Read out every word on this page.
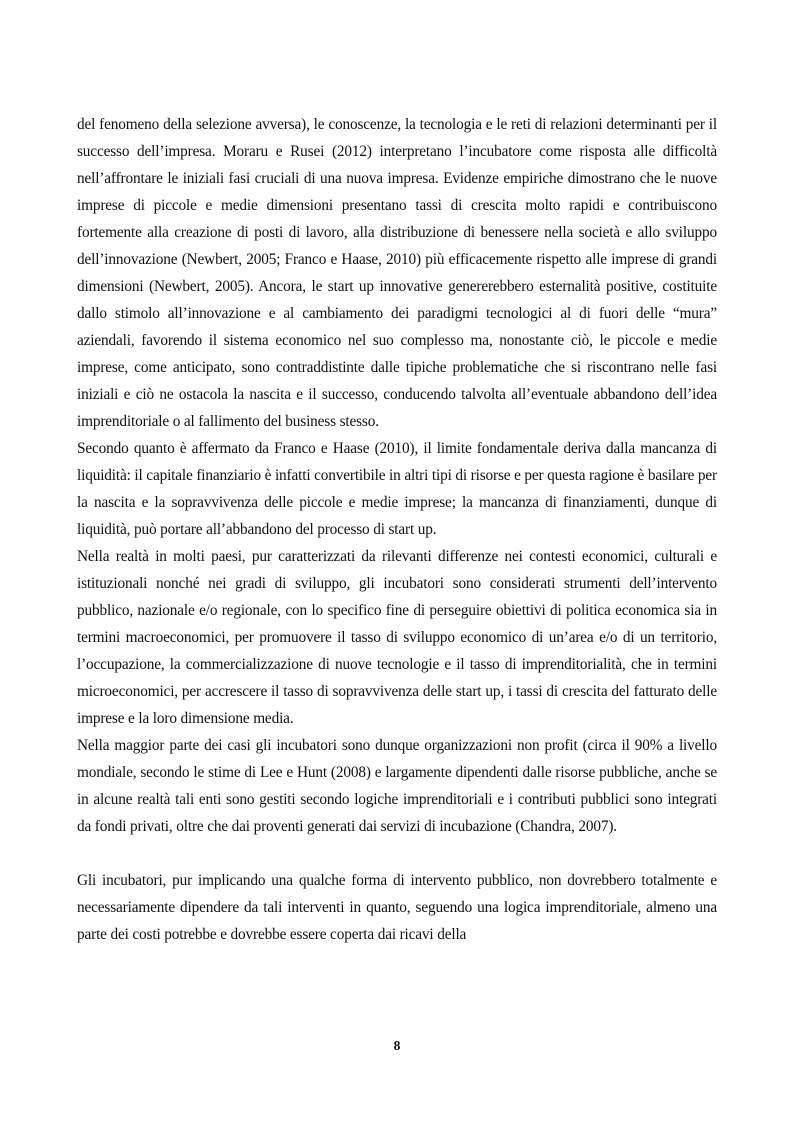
del fenomeno della selezione avversa), le conoscenze, la tecnologia e le reti di relazioni determinanti per il successo dell’impresa. Moraru e Rusei (2012) interpretano l’incubatore come risposta alle difficoltà nell’affrontare le iniziali fasi cruciali di una nuova impresa. Evidenze empiriche dimostrano che le nuove imprese di piccole e medie dimensioni presentano tassi di crescita molto rapidi e contribuiscono fortemente alla creazione di posti di lavoro, alla distribuzione di benessere nella società e allo sviluppo dell’innovazione (Newbert, 2005; Franco e Haase, 2010) più efficacemente rispetto alle imprese di grandi dimensioni (Newbert, 2005). Ancora, le start up innovative genererebbero esternalità positive, costituite dallo stimolo all’innovazione e al cambiamento dei paradigmi tecnologici al di fuori delle “mura” aziendali, favorendo il sistema economico nel suo complesso ma, nonostante ciò, le piccole e medie imprese, come anticipato, sono contraddistinte dalle tipiche problematiche che si riscontrano nelle fasi iniziali e ciò ne ostacola la nascita e il successo, conducendo talvolta all’eventuale abbandono dell’idea imprenditoriale o al fallimento del business stesso.

Secondo quanto è affermato da Franco e Haase (2010), il limite fondamentale deriva dalla mancanza di liquidità: il capitale finanziario è infatti convertibile in altri tipi di risorse e per questa ragione è basilare per la nascita e la sopravvivenza delle piccole e medie imprese; la mancanza di finanziamenti, dunque di liquidità, può portare all’abbandono del processo di start up.

Nella realtà in molti paesi, pur caratterizzati da rilevanti differenze nei contesti economici, culturali e istituzionali nonché nei gradi di sviluppo, gli incubatori sono considerati strumenti dell’intervento pubblico, nazionale e/o regionale, con lo specifico fine di perseguire obiettivi di politica economica sia in termini macroeconomici, per promuovere il tasso di sviluppo economico di un’area e/o di un territorio, l’occupazione, la commercializzazione di nuove tecnologie e il tasso di imprenditorialità, che in termini microeconomici, per accrescere il tasso di sopravvivenza delle start up, i tassi di crescita del fatturato delle imprese e la loro dimensione media.

Nella maggior parte dei casi gli incubatori sono dunque organizzazioni non profit (circa il 90% a livello mondiale, secondo le stime di Lee e Hunt (2008) e largamente dipendenti dalle risorse pubbliche, anche se in alcune realtà tali enti sono gestiti secondo logiche imprenditoriali e i contributi pubblici sono integrati da fondi privati, oltre che dai proventi generati dai servizi di incubazione (Chandra, 2007).

Gli incubatori, pur implicando una qualche forma di intervento pubblico, non dovrebbero totalmente e necessariamente dipendere da tali interventi in quanto, seguendo una logica imprenditoriale, almeno una parte dei costi potrebbe e dovrebbe essere coperta dai ricavi della

8
